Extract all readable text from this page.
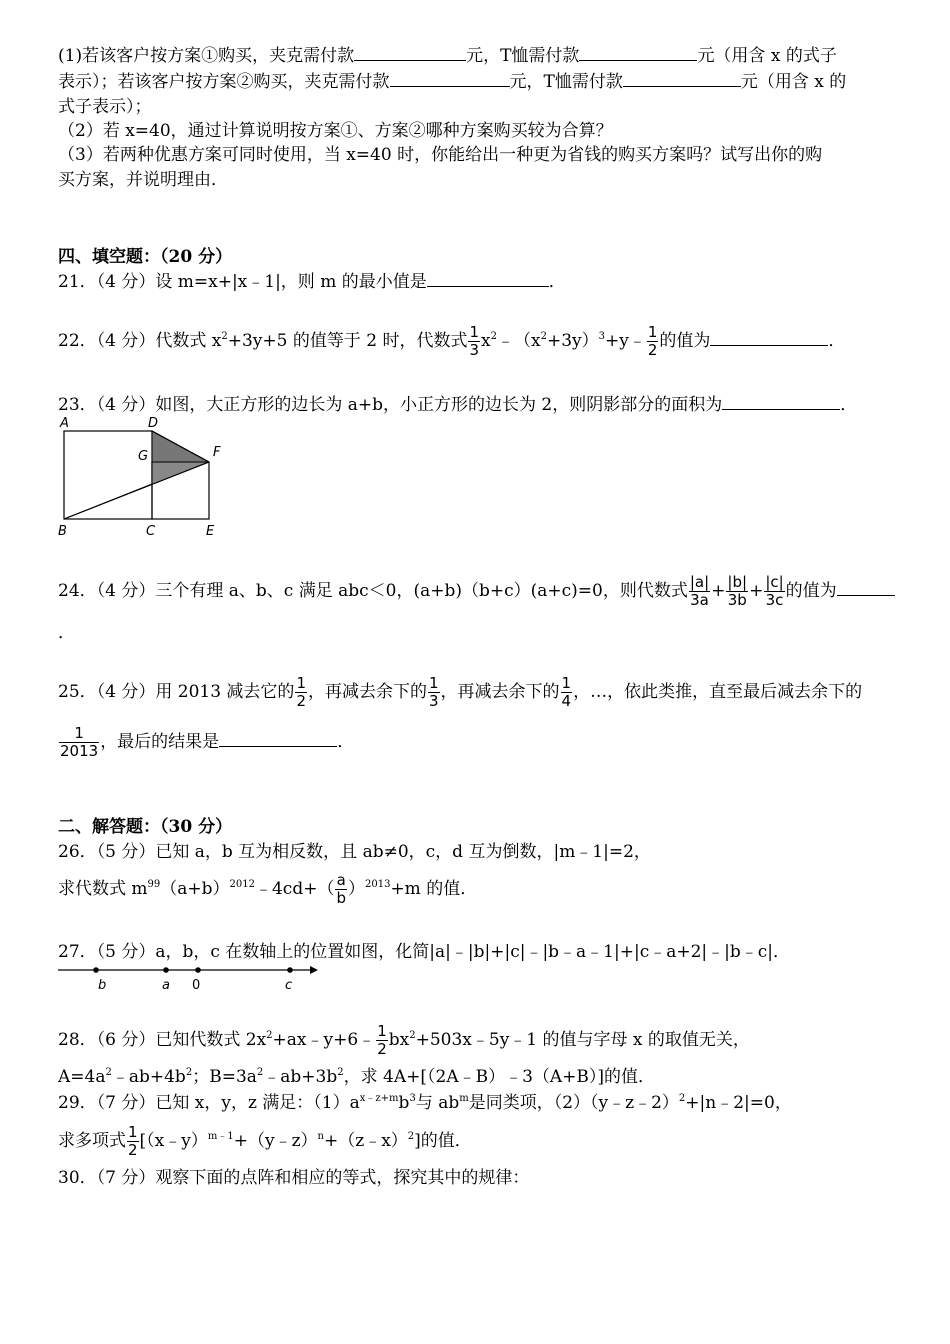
(1)若该客户按方案①购买，夹克需付款	元，T恤需付款	元（用含 x 的式子
表示）；若该客户按方案②购买，夹克需付款	元，T恤需付款	元（用含 x 的
式子表示）；
（2）若 x=40，通过计算说明按方案①、方案②哪种方案购买较为合算？
（3）若两种优惠方案可同时使用，当 x=40 时，你能给出一种更为省钱的购买方案吗？试写出你的购
买方案，并说明理由．
四、填空题：（20 分）
21．（4 分）设 m=x+|x﹣1|，则 m 的最小值是	．
22．（4 分）代数式 $x^2+3y+5$ 的值等于 2 时，代数式 $\frac{1}{3}$ $x^2﹣(x^2+3y)^3+y﹣ \frac{1}{2}$ 的值为	．
23．（4 分）如图，大正方形的边长为 a+b，小正方形的边长为 2，则阴影部分的面积为	．
A	D
G	F
B	C	E
24．（4 分）三个有理 a、b、c 满足 abc＜0，(a+b)（b+c）(a+c)=0，则代数式 $\frac{|a|}{3a} + \frac{|b|}{3b} + \frac{|c|}{3c}$ 的值为
．
25．（4 分）用 2013 减去它的 $\frac{1}{2}$ ，再减去余下的 $\frac{1}{3}$ ，再减去余下的 $\frac{1}{4}$ ，…，依此类推，直至最后减去余下的
$\frac{1}{2013}$ ，最后的结果是	．
二、解答题：（30 分）
26．（5 分）已知 a，b 互为相反数，且 ab≠0，c，d 互为倒数，|m﹣1|=2，
求代数式 $m^{99}(a+b)^{2012}﹣4cd+( \frac{a}{b} )^{2013}+m$ 的值．
27．（5 分）a，b，c 在数轴上的位置如图，化简|a|﹣|b|+|c|﹣|b﹣a﹣1|+|c﹣a+2|﹣|b﹣c|．
b	a 0	c
28．（6 分）已知代数式 $2x^2+ax﹣y+6﹣ \frac{1}{2}$ $bx^2+503x﹣5y﹣1$ 的值与字母 x 的取值无关，
$A=4a^2﹣ab+4b^2$；$B=3a^2﹣ab+3b^2$，求 4A+[（2A﹣B）﹣3（A+B）]的值．
29．（7 分）已知 x，y，z 满足：$(1)a^{x﹣z+m}b^3$与 $ab^m$是同类项，（2）（y﹣z﹣2）$^2$+|n﹣2|=0，
求多项式 $\frac{1}{2}$ [（x﹣y）$^{m﹣1}$+（y﹣z）$^n$+（z﹣x）$^2$]的值．
30．（7 分）观察下面的点阵和相应的等式，探究其中的规律：
